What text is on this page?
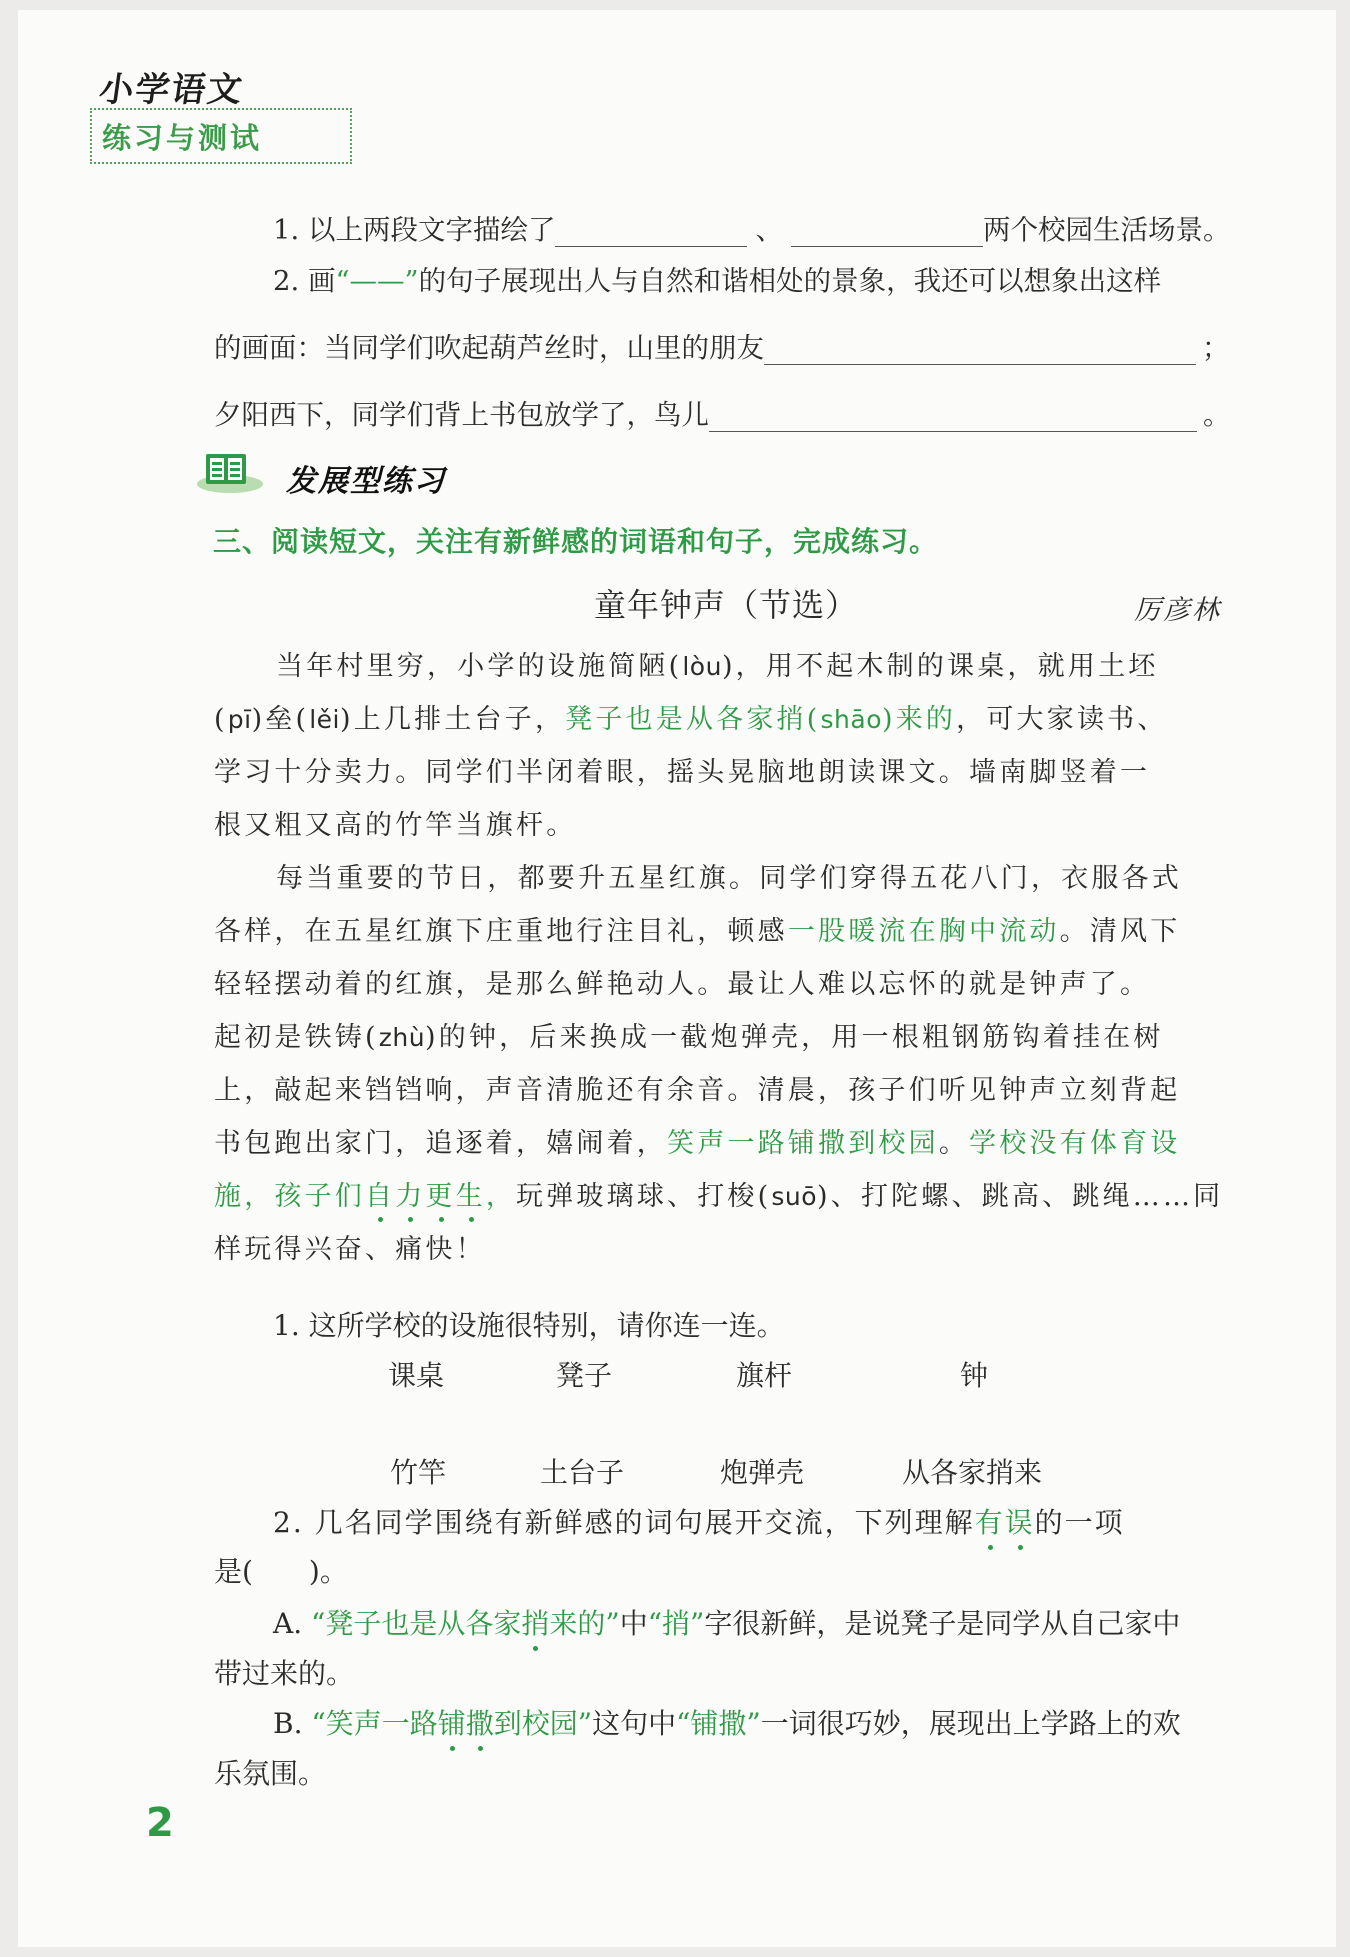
小学语文
练习与测试
1. 以上两段文字描绘了	、	两个校园生活场景。
2. 画“——”的句子展现出人与自然和谐相处的景象，我还可以想象出这样
的画面：当同学们吹起葫芦丝时，山里的朋友	；
夕阳西下，同学们背上书包放学了，鸟儿	。
发展型练习
三、阅读短文，关注有新鲜感的词语和句子，完成练习。
童年钟声（节选）	厉彦林
当年村里穷，小学的设施简陋(lòu)，用不起木制的课桌，就用土坯
(pī)垒(lěi)上几排土台子，凳子也是从各家捎(shāo)来的，可大家读书、
学习十分卖力。同学们半闭着眼，摇头晃脑地朗读课文。墙南脚竖着一
根又粗又高的竹竿当旗杆。
每当重要的节日，都要升五星红旗。同学们穿得五花八门，衣服各式
各样，在五星红旗下庄重地行注目礼，顿感一股暖流在胸中流动。清风下
轻轻摆动着的红旗，是那么鲜艳动人。最让人难以忘怀的就是钟声了。
起初是铁铸(zhù)的钟，后来换成一截炮弹壳，用一根粗钢筋钩着挂在树
上，敲起来铛铛响，声音清脆还有余音。清晨，孩子们听见钟声立刻背起
书包跑出家门，追逐着，嬉闹着，笑声一路铺撒到校园。学校没有体育设
施，孩子们自力更生，玩弹玻璃球、打梭(suō)、打陀螺、跳高、跳绳……同
样玩得兴奋、痛快！
1. 这所学校的设施很特别，请你连一连。
课桌	凳子	旗杆	钟
竹竿	土台子	炮弹壳	从各家捎来
2. 几名同学围绕有新鲜感的词句展开交流，下列理解有误的一项
是(　　)。
A. “凳子也是从各家捎来的”中“捎”字很新鲜，是说凳子是同学从自己家中
带过来的。
B. “笑声一路铺撒到校园”这句中“铺撒”一词很巧妙，展现出上学路上的欢
乐氛围。
2
